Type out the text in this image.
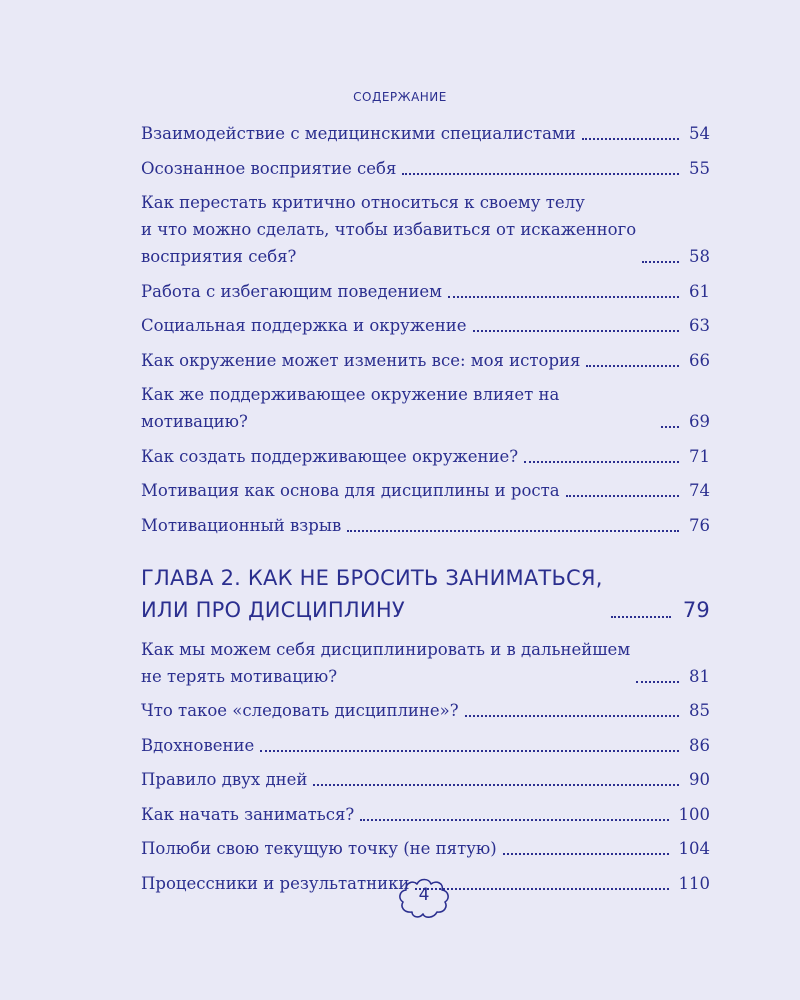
СОДЕРЖАНИЕ
Взаимодействие с медицинскими специалистами	54
Осознанное восприятие себя	55
Как перестать критично относиться к своему телу
и что можно сделать, чтобы избавиться от искаженного
восприятия себя?	58
Работа с избегающим поведением	61
Социальная поддержка и окружение	63
Как окружение может изменить все: моя история	66
Как же поддерживающее окружение влияет на мотивацию?	69
Как создать поддерживающее окружение?	71
Мотивация как основа для дисциплины и роста	74
Мотивационный взрыв	76
ГЛАВА 2. КАК НЕ БРОСИТЬ ЗАНИМАТЬСЯ,
ИЛИ ПРО ДИСЦИПЛИНУ	79
Как мы можем себя дисциплинировать и в дальнейшем
не терять мотивацию?	81
Что такое «следовать дисциплине»?	85
Вдохновение	86
Правило двух дней	90
Как начать заниматься?	100
Полюби свою текущую точку (не пятую)	104
Процессники и результатники	110
4
